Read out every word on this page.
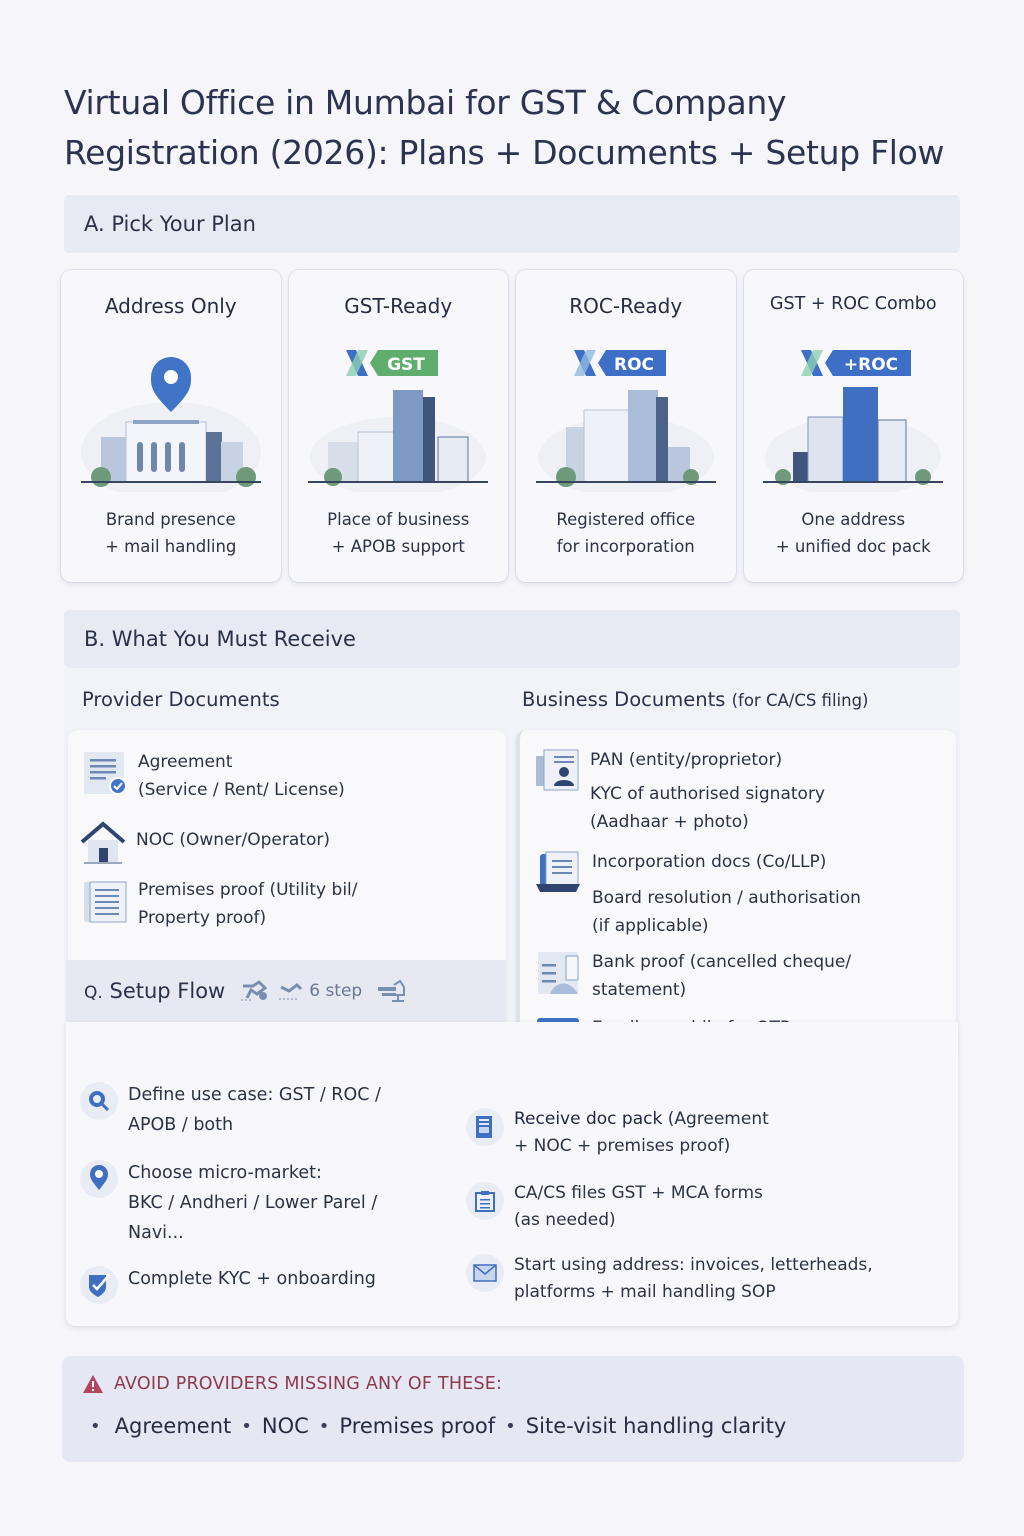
Virtual Office in Mumbai for GST & Company Registration (2026): Plans + Documents + Setup Flow
A. Pick Your Plan
Address Only
Brand presence
+ mail handling
GST-Ready
GST
Place of business
+ APOB support
ROC-Ready
ROC
Registered office
for incorporation
GST + ROC Combo
+ROC
One address
+ unified doc pack
B. What You Must Receive
Provider Documents	Business Documents (for CA/CS filing)
Agreement
(Service / Rent/ License)
NOC (Owner/Operator)
Premises proof (Utility bil/
Property proof)
PAN (entity/proprietor)
KYC of authorised signatory
(Aadhaar + photo)
Incorporation docs (Co/LLP)
Board resolution / authorisation
(if applicable)
Bank proof (cancelled cheque/
statement)
Q. Setup Flow	6 step
Define use case: GST / ROC /
APOB / both
Choose micro-market:
BKC / Andheri / Lower Parel /
Navi...
Complete KYC + onboarding
Receive doc pack (Agreement
+ NOC + premises proof)
CA/CS files GST + MCA forms
(as needed)
Start using address: invoices, letterheads,
platforms + mail handling SOP
AVOID PROVIDERS MISSING ANY OF THESE:
• Agreement • NOC • Premises proof • Site-visit handling clarity
